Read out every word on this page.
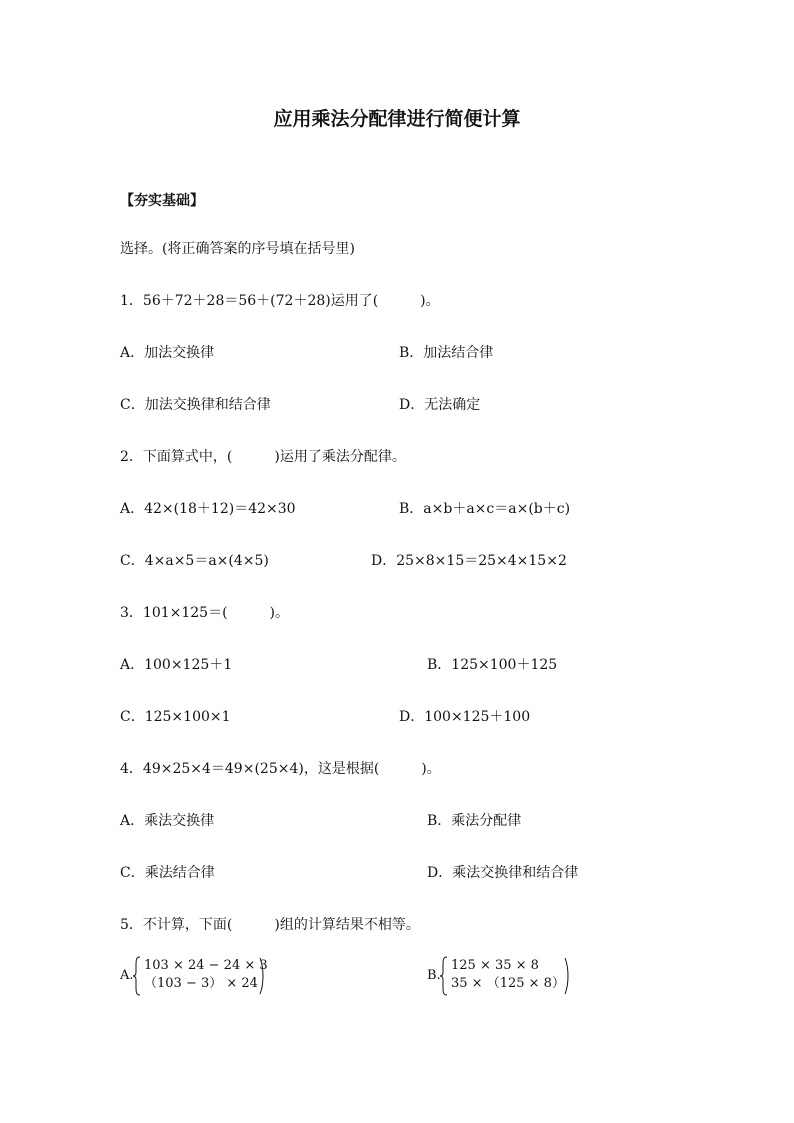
应用乘法分配律进行简便计算
【夯实基础】
选择。(将正确答案的序号填在括号里)
1．56＋72＋28＝56＋(72＋28)运用了(　　　)。
A．加法交换律	B．加法结合律
C．加法交换律和结合律	D．无法确定
2．下面算式中，(　　　)运用了乘法分配律。
A．42×(18＋12)＝42×30	B．a×b＋a×c＝a×(b＋c)
C．4×a×5＝a×(4×5)	D．25×8×15＝25×4×15×2
3．101×125＝(　　　)。
A．100×125＋1	B．125×100＋125
C．125×100×1	D．100×125＋100
4．49×25×4＝49×(25×4)，这是根据(　　　)。
A．乘法交换律	B．乘法分配律
C．乘法结合律	D．乘法交换律和结合律
5．不计算，下面(　　　)组的计算结果不相等。
A.
103 × 24 − 24 × 3
（103 − 3） × 24
B.
125 × 35 × 8
35 × （125 × 8）
